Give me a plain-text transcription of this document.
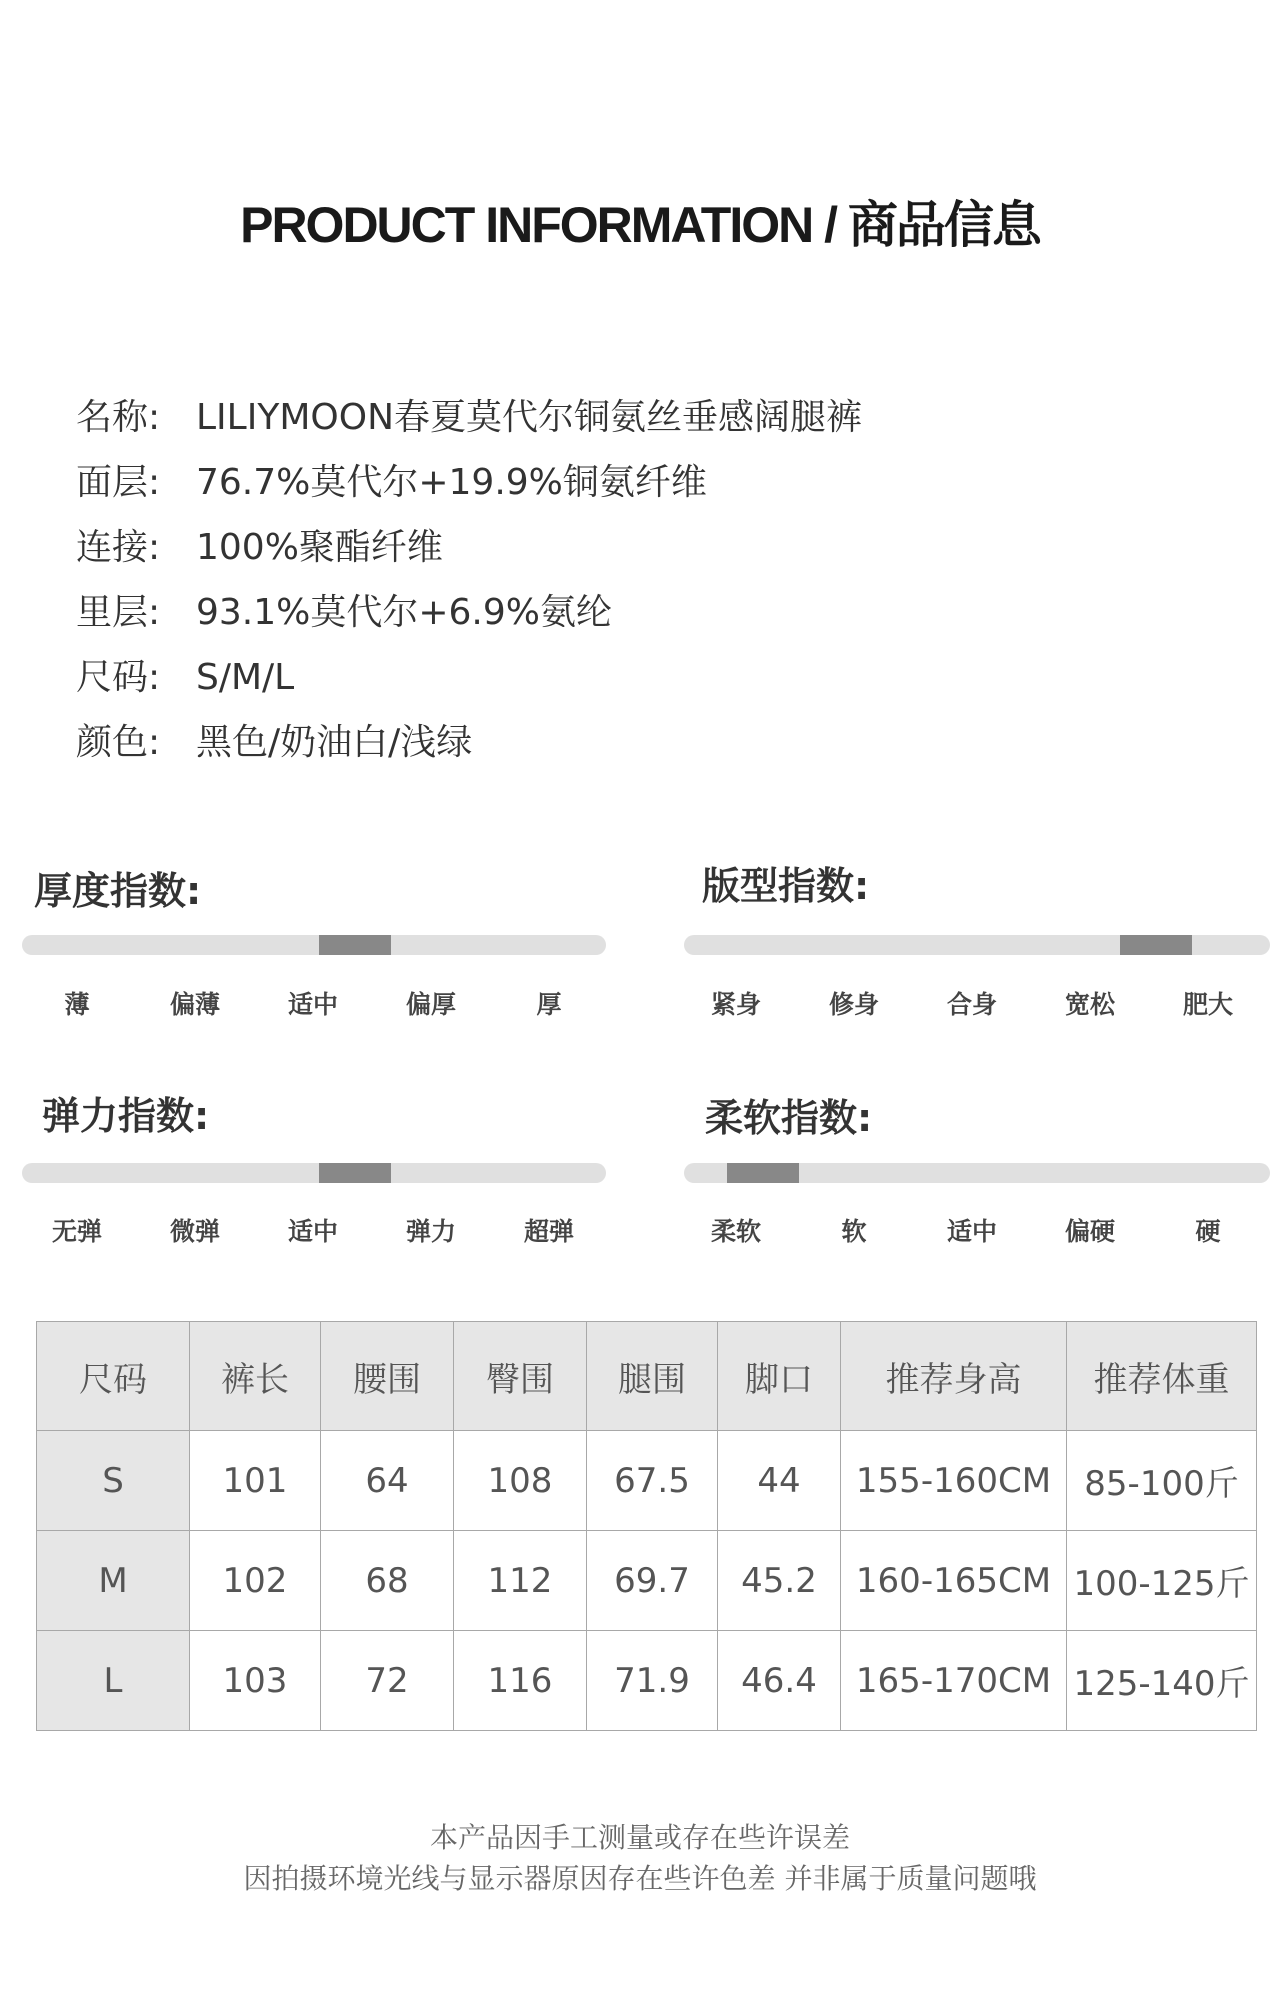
PRODUCT INFORMATION / 商品信息
名称: LILIYMOON春夏莫代尔铜氨丝垂感阔腿裤
面层: 76.7%莫代尔+19.9%铜氨纤维
连接: 100%聚酯纤维
里层: 93.1%莫代尔+6.9%氨纶
尺码: S/M/L
颜色: 黑色/奶油白/浅绿
厚度指数:
薄	偏薄	适中	偏厚	厚
版型指数:
紧身	修身	合身	宽松	肥大
弹力指数:
无弹	微弹	适中	弹力	超弹
柔软指数:
柔软	软	适中	偏硬	硬
尺码	裤长	腰围	臀围	腿围	脚口	推荐身高	推荐体重
S	101	64	108	67.5	44	155-160CM	85-100斤
M	102	68	112	69.7	45.2	160-165CM	100-125斤
L	103	72	116	71.9	46.4	165-170CM	125-140斤
本产品因手工测量或存在些许误差
因拍摄环境光线与显示器原因存在些许色差 并非属于质量问题哦
